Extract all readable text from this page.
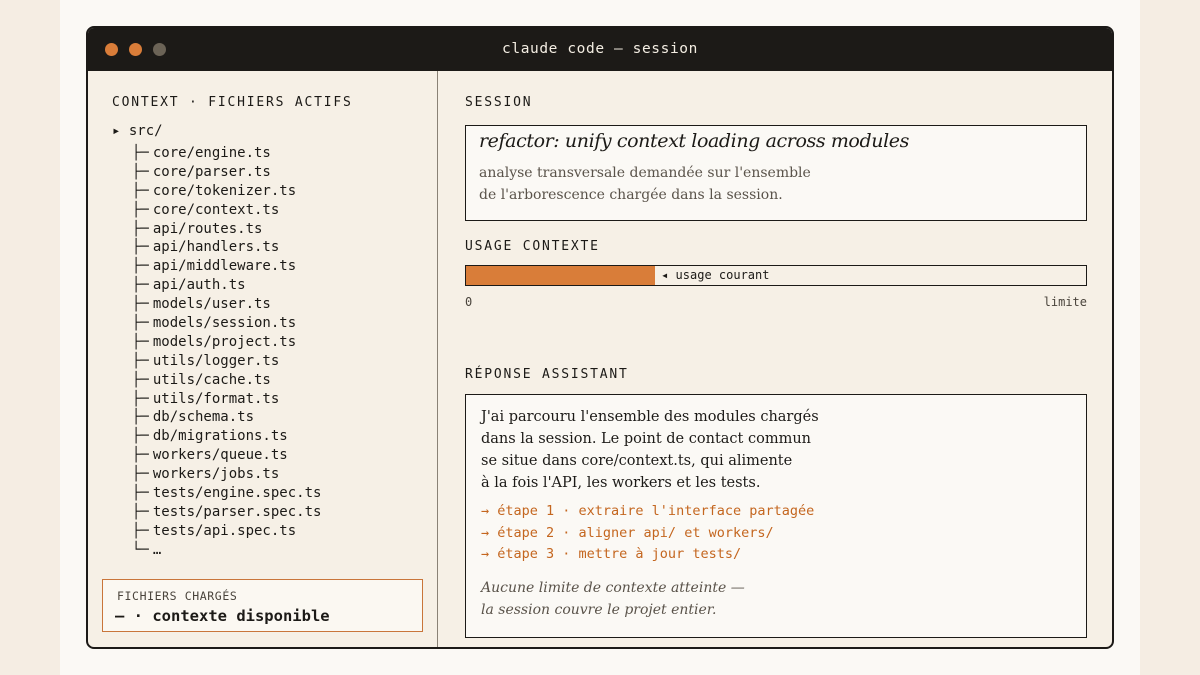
claude code — session
CONTEXT · FICHIERS ACTIFS
▸ src/
├─ core/engine.ts
├─ core/parser.ts
├─ core/tokenizer.ts
├─ core/context.ts
├─ api/routes.ts
├─ api/handlers.ts
├─ api/middleware.ts
├─ api/auth.ts
├─ models/user.ts
├─ models/session.ts
├─ models/project.ts
├─ utils/logger.ts
├─ utils/cache.ts
├─ utils/format.ts
├─ db/schema.ts
├─ db/migrations.ts
├─ workers/queue.ts
├─ workers/jobs.ts
├─ tests/engine.spec.ts
├─ tests/parser.spec.ts
├─ tests/api.spec.ts
└─ …
FICHIERS CHARGÉS
— · contexte disponible
SESSION
refactor: unify context loading across modules
analyse transversale demandée sur l'ensemble
de l'arborescence chargée dans la session.
USAGE CONTEXTE
◂ usage courant
0	limite
RÉPONSE ASSISTANT
J'ai parcouru l'ensemble des modules chargés
dans la session. Le point de contact commun
se situe dans core/context.ts, qui alimente
à la fois l'API, les workers et les tests.
→ étape 1 · extraire l'interface partagée
→ étape 2 · aligner api/ et workers/
→ étape 3 · mettre à jour tests/
Aucune limite de contexte atteinte —
la session couvre le projet entier.
